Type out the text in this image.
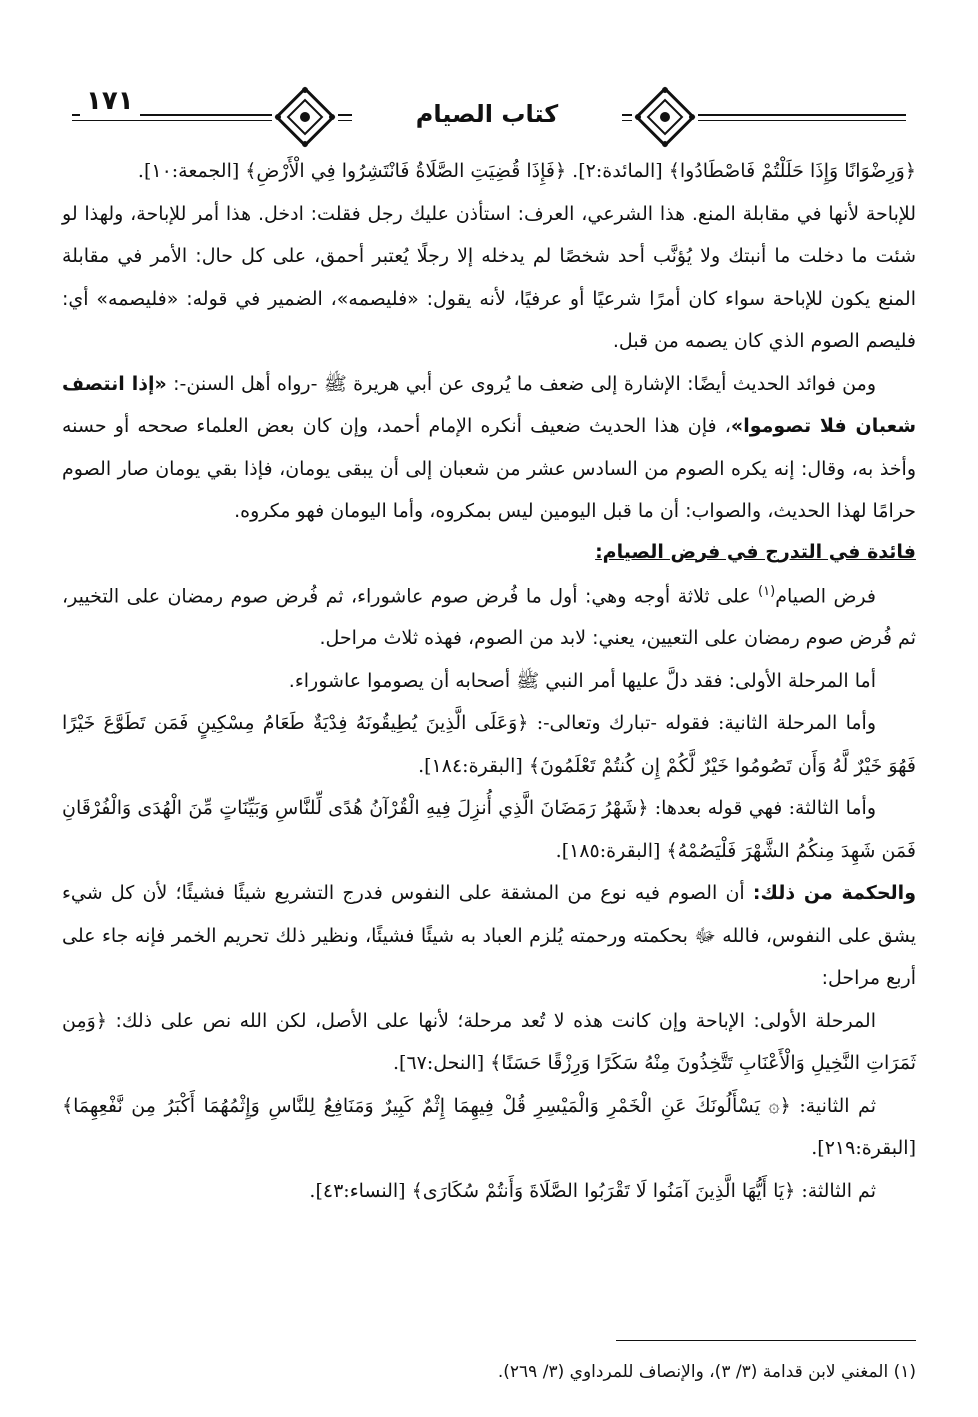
١٧١	كتاب الصيام

﴿وَرِضْوَانًا وَإِذَا حَلَلْتُمْ فَاصْطَادُوا﴾ [المائدة:٢]. ﴿فَإِذَا قُضِيَتِ الصَّلَاةُ فَانْتَشِرُوا فِي الْأَرْضِ﴾ [الجمعة:١٠].

للإباحة لأنها في مقابلة المنع. هذا الشرعي، العرف: استأذن عليك رجل فقلت: ادخل. هذا أمر للإباحة، ولهذا لو شئت ما دخلت ما أنبتك ولا يُؤنَّب أحد شخصًا لم يدخله إلا رجلًا يُعتبر أحمق، على كل حال: الأمر في مقابلة المنع يكون للإباحة سواء كان أمرًا شرعيًا أو عرفيًا، لأنه يقول: «فليصمه»، الضمير في قوله: «فليصمه» أي: فليصم الصوم الذي كان يصمه من قبل.

ومن فوائد الحديث أيضًا: الإشارة إلى ضعف ما يُروى عن أبي هريرة ﷺ -رواه أهل السنن-: «إذا انتصف شعبان فلا تصوموا»، فإن هذا الحديث ضعيف أنكره الإمام أحمد، وإن كان بعض العلماء صححه أو حسنه وأخذ به، وقال: إنه يكره الصوم من السادس عشر من شعبان إلى أن يبقى يومان، فإذا بقي يومان صار الصوم حرامًا لهذا الحديث، والصواب: أن ما قبل اليومين ليس بمكروه، وأما اليومان فهو مكروه.

فائدة في التدرج في فرض الصيام:

فرض الصيام$^{(١)}$ على ثلاثة أوجه وهي: أول ما فُرض صوم عاشوراء، ثم فُرض صوم رمضان على التخيير، ثم فُرض صوم رمضان على التعيين، يعني: لابد من الصوم، فهذه ثلاث مراحل.

أما المرحلة الأولى: فقد دلَّ عليها أمر النبي ﷺ أصحابه أن يصوموا عاشوراء.

وأما المرحلة الثانية: فقوله -تبارك وتعالى-: ﴿وَعَلَى الَّذِينَ يُطِيقُونَهُ فِدْيَةٌ طَعَامُ مِسْكِينٍ فَمَن تَطَوَّعَ خَيْرًا فَهُوَ خَيْرٌ لَّهُ وَأَن تَصُومُوا خَيْرٌ لَّكُمْ إِن كُنتُمْ تَعْلَمُونَ﴾ [البقرة:١٨٤].

وأما الثالثة: فهي قوله بعدها: ﴿شَهْرُ رَمَضَانَ الَّذِي أُنزِلَ فِيهِ الْقُرْآنُ هُدًى لِّلنَّاسِ وَبَيِّنَاتٍ مِّنَ الْهُدَى وَالْفُرْقَانِ فَمَن شَهِدَ مِنكُمُ الشَّهْرَ فَلْيَصُمْهُ﴾ [البقرة:١٨٥].

والحكمة من ذلك: أن الصوم فيه نوع من المشقة على النفوس فدرج التشريع شيئًا فشيئًا؛ لأن كل شيء يشق على النفوس، فالله ﷻ بحكمته ورحمته يُلزم العباد به شيئًا فشيئًا، ونظير ذلك تحريم الخمر فإنه جاء على أربع مراحل:

المرحلة الأولى: الإباحة وإن كانت هذه لا تُعد مرحلة؛ لأنها على الأصل، لكن الله نص على ذلك: ﴿وَمِن ثَمَرَاتِ النَّخِيلِ وَالْأَعْنَابِ تَتَّخِذُونَ مِنْهُ سَكَرًا وَرِزْقًا حَسَنًا﴾ [النحل:٦٧].

ثم الثانية: ﴿۞ يَسْأَلُونَكَ عَنِ الْخَمْرِ وَالْمَيْسِرِ قُلْ فِيهِمَا إِثْمٌ كَبِيرٌ وَمَنَافِعُ لِلنَّاسِ وَإِثْمُهُمَا أَكْبَرُ مِن نَّفْعِهِمَا﴾ [البقرة:٢١٩].

ثم الثالثة: ﴿يَا أَيُّهَا الَّذِينَ آمَنُوا لَا تَقْرَبُوا الصَّلَاةَ وَأَنتُمْ سُكَارَى﴾ [النساء:٤٣].

(١) المغني لابن قدامة (٣/ ٣)، والإنصاف للمرداوي (٣/ ٢٦٩).
